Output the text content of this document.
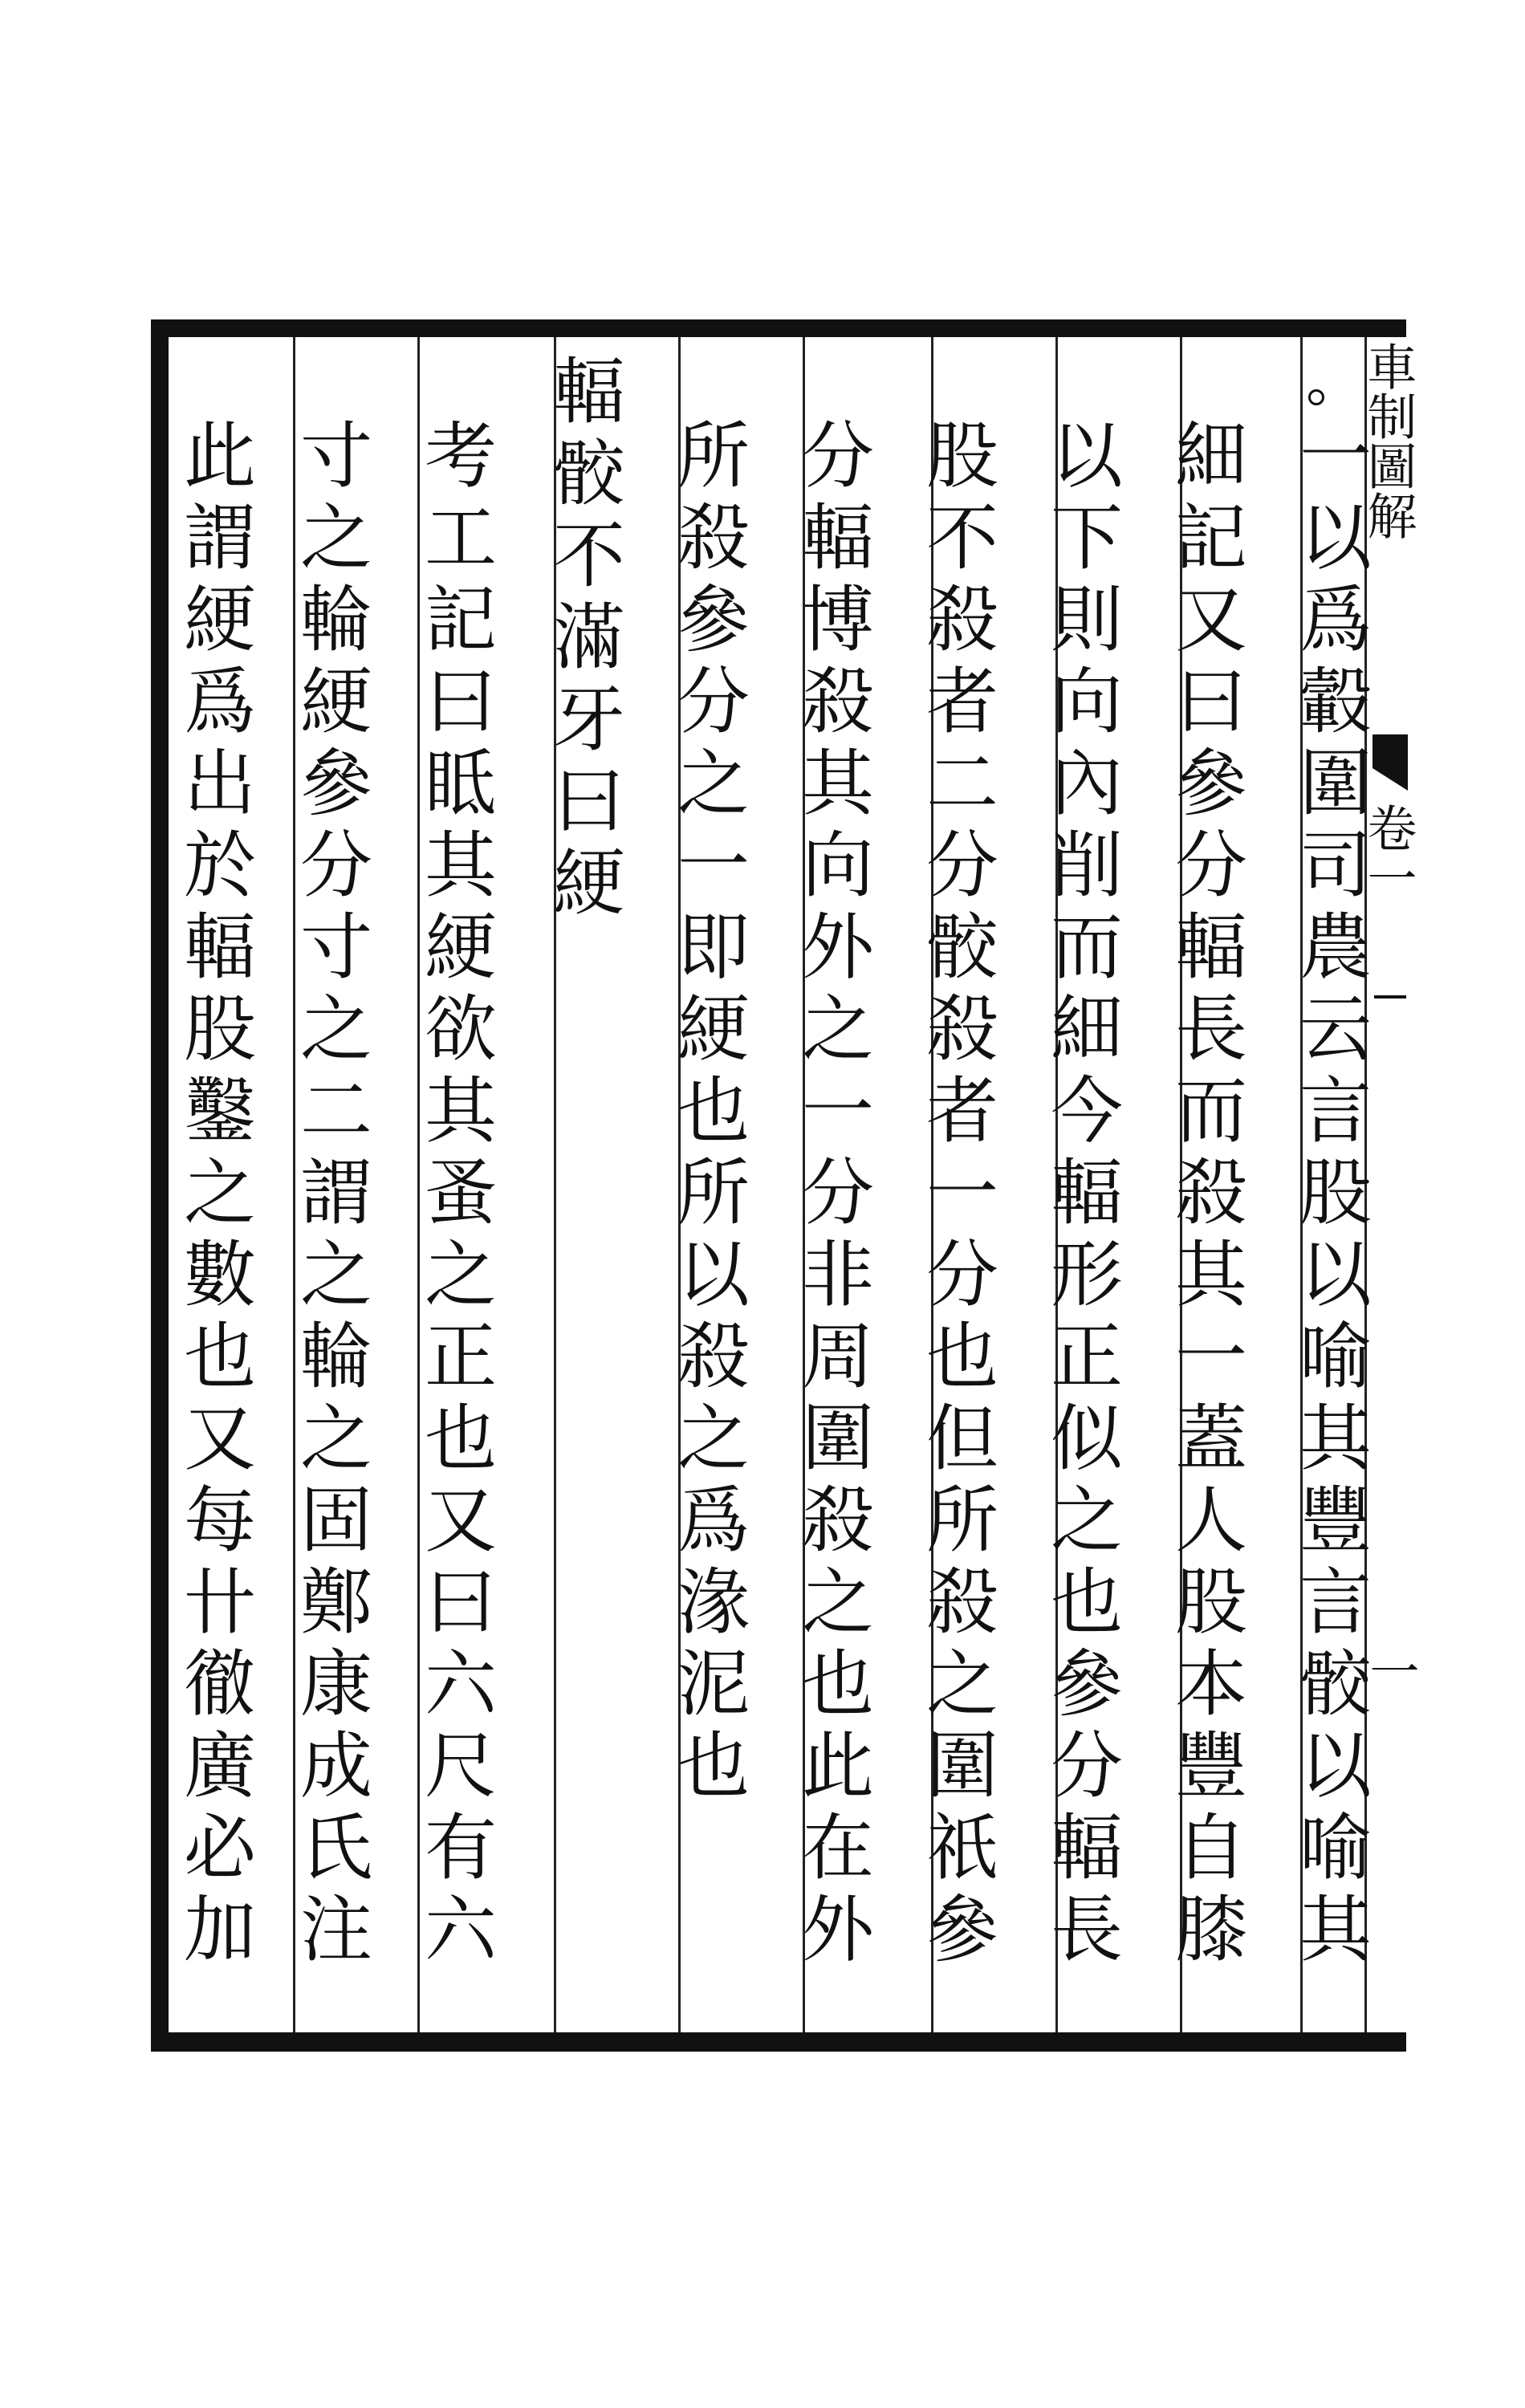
車制圖解
卷一
一
一以爲轂圍司農云言股以喻其豐言骹以喻其
細記又曰參分輻長而殺其一蓋人股本豐自膝
以下則向內削而細今輻形正似之也參分輻長
股不殺者二分骹殺者一分也但所殺之圍祇參
分輻博殺其向外之一分非周圍殺之也此在外
所殺參分之一即綆也所以殺之爲湪泥也
輻骹不滿牙曰綆
考工記曰眡其綆欲其蚤之正也又曰六尺有六
寸之輪綆參分寸之二謂之輪之固鄭康成氏注
此謂綆爲出於輻股鑿之數也又每卄徹廣必加
